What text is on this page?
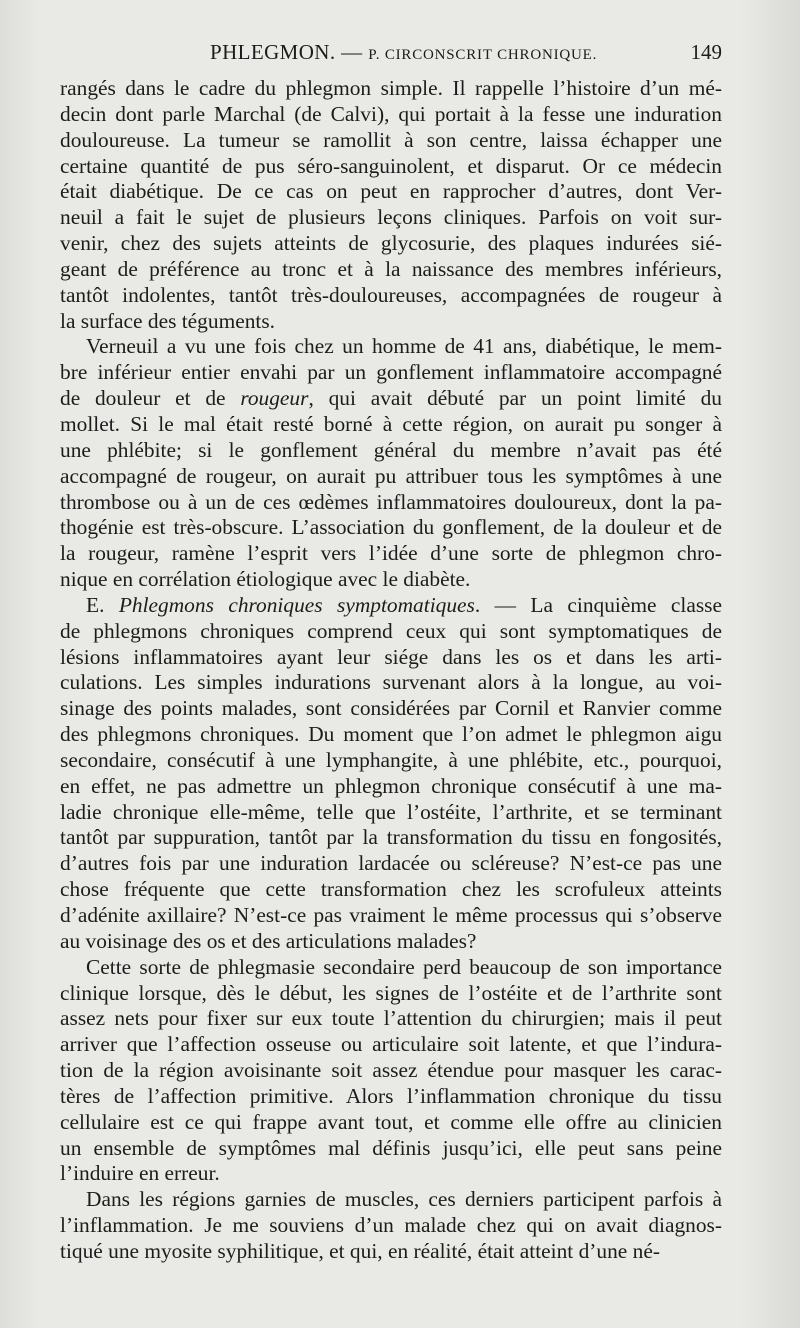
PHLEGMON. — P. CIRCONSCRIT CHRONIQUE.	149
rangés dans le cadre du phlegmon simple. Il rappelle l’histoire d’un mé-
decin dont parle Marchal (de Calvi), qui portait à la fesse une induration
douloureuse. La tumeur se ramollit à son centre, laissa échapper une
certaine quantité de pus séro-sanguinolent, et disparut. Or ce médecin
était diabétique. De ce cas on peut en rapprocher d’autres, dont Ver-
neuil a fait le sujet de plusieurs leçons cliniques. Parfois on voit sur-
venir, chez des sujets atteints de glycosurie, des plaques indurées sié-
geant de préférence au tronc et à la naissance des membres inférieurs,
tantôt indolentes, tantôt très-douloureuses, accompagnées de rougeur à
la surface des téguments.
Verneuil a vu une fois chez un homme de 41 ans, diabétique, le mem-
bre inférieur entier envahi par un gonflement inflammatoire accompagné
de douleur et de rougeur, qui avait débuté par un point limité du
mollet. Si le mal était resté borné à cette région, on aurait pu songer à
une phlébite; si le gonflement général du membre n’avait pas été
accompagné de rougeur, on aurait pu attribuer tous les symptômes à une
thrombose ou à un de ces œdèmes inflammatoires douloureux, dont la pa-
thogénie est très-obscure. L’association du gonflement, de la douleur et de
la rougeur, ramène l’esprit vers l’idée d’une sorte de phlegmon chro-
nique en corrélation étiologique avec le diabète.
E. Phlegmons chroniques symptomatiques. — La cinquième classe
de phlegmons chroniques comprend ceux qui sont symptomatiques de
lésions inflammatoires ayant leur siége dans les os et dans les arti-
culations. Les simples indurations survenant alors à la longue, au voi-
sinage des points malades, sont considérées par Cornil et Ranvier comme
des phlegmons chroniques. Du moment que l’on admet le phlegmon aigu
secondaire, consécutif à une lymphangite, à une phlébite, etc., pourquoi,
en effet, ne pas admettre un phlegmon chronique consécutif à une ma-
ladie chronique elle-même, telle que l’ostéite, l’arthrite, et se terminant
tantôt par suppuration, tantôt par la transformation du tissu en fongosités,
d’autres fois par une induration lardacée ou scléreuse? N’est-ce pas une
chose fréquente que cette transformation chez les scrofuleux atteints
d’adénite axillaire? N’est-ce pas vraiment le même processus qui s’observe
au voisinage des os et des articulations malades?
Cette sorte de phlegmasie secondaire perd beaucoup de son importance
clinique lorsque, dès le début, les signes de l’ostéite et de l’arthrite sont
assez nets pour fixer sur eux toute l’attention du chirurgien; mais il peut
arriver que l’affection osseuse ou articulaire soit latente, et que l’indura-
tion de la région avoisinante soit assez étendue pour masquer les carac-
tères de l’affection primitive. Alors l’inflammation chronique du tissu
cellulaire est ce qui frappe avant tout, et comme elle offre au clinicien
un ensemble de symptômes mal définis jusqu’ici, elle peut sans peine
l’induire en erreur.
Dans les régions garnies de muscles, ces derniers participent parfois à
l’inflammation. Je me souviens d’un malade chez qui on avait diagnos-
tiqué une myosite syphilitique, et qui, en réalité, était atteint d’une né-
